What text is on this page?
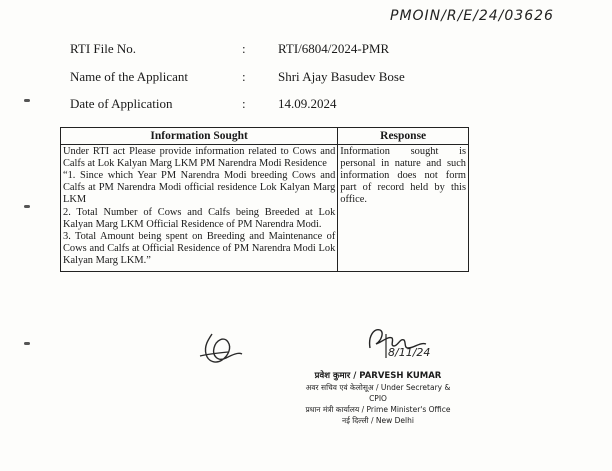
PMOIN/R/E/24/03626
RTI File No.	: RTI/6804/2024-PMR
Name of the Applicant	: Shri Ajay Basudev Bose
Date of Application	: 14.09.2024
Information Sought	Response

Under RTI act Please provide information related to Cows and Calfs at Lok Kalyan Marg LKM PM Narendra Modi Residence
“1. Since which Year PM Narendra Modi breeding Cows and Calfs at PM Narendra Modi official residence Lok Kalyan Marg LKM
2. Total Number of Cows and Calfs being Breeded at Lok Kalyan Marg LKM Official Residence of PM Narendra Modi.
3. Total Amount being spent on Breeding and Maintenance of Cows and Calfs at Official Residence of PM Narendra Modi Lok Kalyan Marg LKM.”	Information sought is personal in nature and such information does not form part of record held by this office.
8/11/24
प्रवेश कुमार / PARVESH KUMAR
अवर सचिव एवं केलोसूअ / Under Secretary & CPIO
प्रधान मंत्री कार्यालय / Prime Minister's Office
नई दिल्ली / New Delhi
